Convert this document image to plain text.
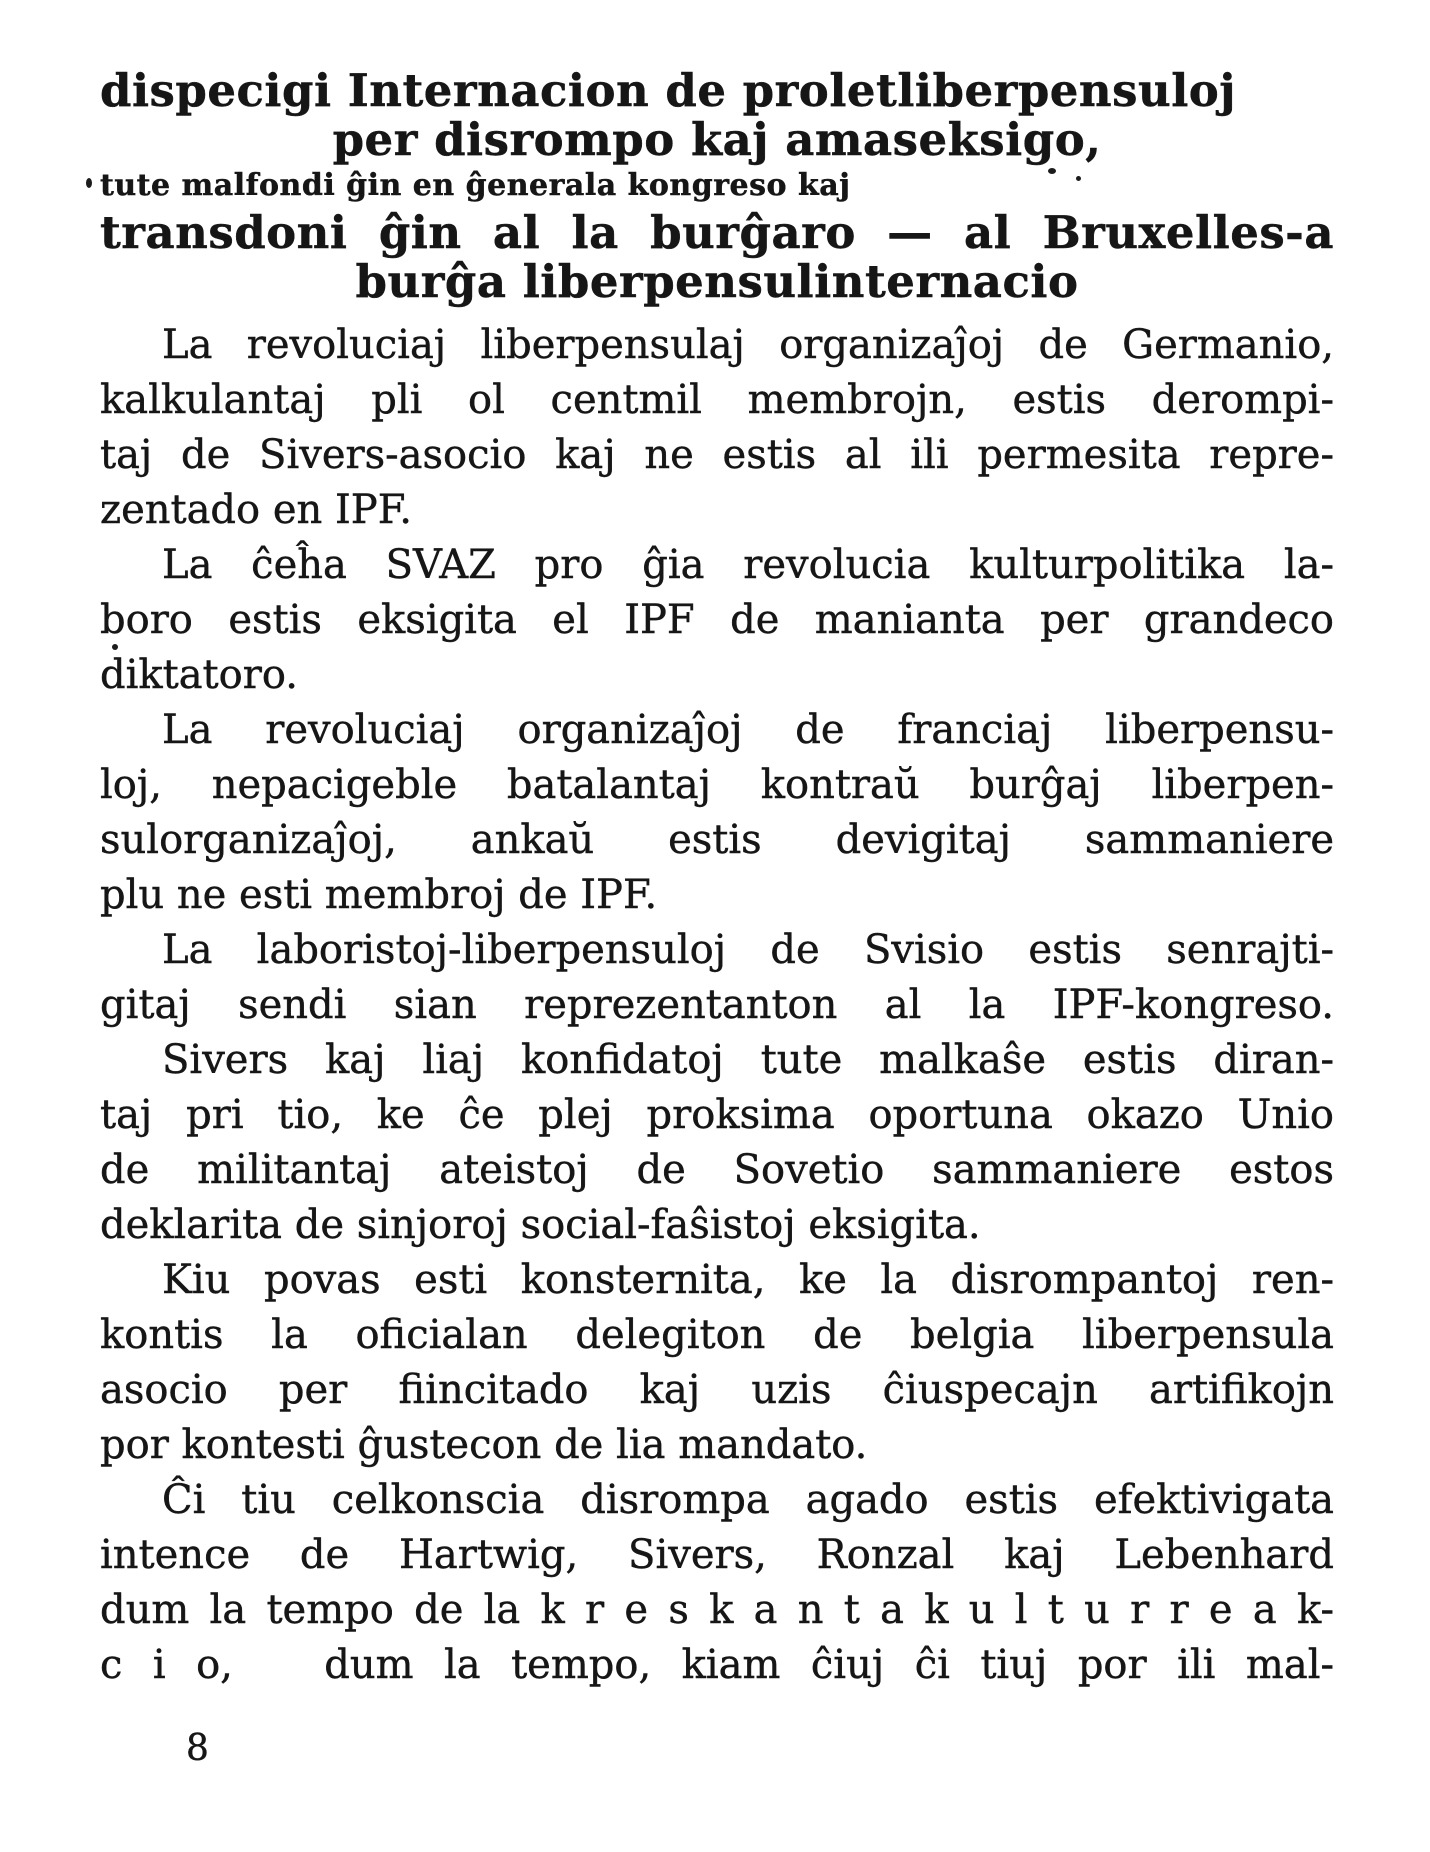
dispecigi Internacion de proletliberpensuloj
per disrompo kaj amaseksigo,
tute malfondi ĝin en ĝenerala kongreso kaj
transdoni ĝin al la burĝaro — al Bruxelles-a
burĝa liberpensulinternacio
La revoluciaj liberpensulaj organizaĵoj de Germanio,
kalkulantaj pli ol centmil membrojn, estis derompi-
taj de Sivers-asocio kaj ne estis al ili permesita repre-
zentado en IPF.
La ĉeĥa SVAZ pro ĝia revolucia kulturpolitika la-
boro estis eksigita el IPF de manianta per grandeco
diktatoro.
La revoluciaj organizaĵoj de franciaj liberpensu-
loj, nepacigeble batalantaj kontraŭ burĝaj liberpen-
sulorganizaĵoj, ankaŭ estis devigitaj sammaniere
plu ne esti membroj de IPF.
La laboristoj-liberpensuloj de Svisio estis senrajti-
gitaj sendi sian reprezentanton al la IPF-kongreso.
Sivers kaj liaj konfidatoj tute malkaŝe estis diran-
taj pri tio, ke ĉe plej proksima oportuna okazo Unio
de militantaj ateistoj de Sovetio sammaniere estos
deklarita de sinjoroj social-faŝistoj eksigita.
Kiu povas esti konsternita, ke la disrompantoj ren-
kontis la oficialan delegiton de belgia liberpensula
asocio per fiincitado kaj uzis ĉiuspecajn artifikojn
por kontesti ĝustecon de lia mandato.
Ĉi tiu celkonscia disrompa agado estis efektivigata
intence de Hartwig, Sivers, Ronzal kaj Lebenhard
dum la tempo de la k r e s k a n t a k u l t u r r e a k-
c i o,   dum la tempo, kiam ĉiuj ĉi tiuj por ili mal-
8
